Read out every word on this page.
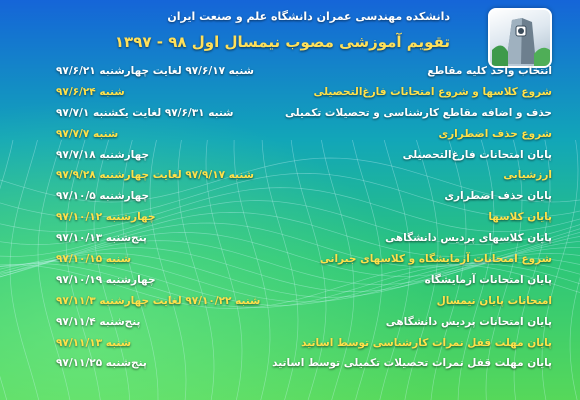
دانشکده مهندسی عمران دانشگاه علم و صنعت ایران
تقویم آموزشی مصوب نیمسال اول ۹۸ - ۱۳۹۷
انتخاب واحد کلیه مقاطع
شنبه ۹۷/۶/۱۷ لغایت چهارشنبه ۹۷/۶/۲۱
شروع کلاسها و شروع امتحانات فارغ‌التحصیلی
شنبه ۹۷/۶/۲۴
حذف و اضافه مقاطع کارشناسی و تحصیلات تکمیلی
شنبه ۹۷/۶/۳۱ لغایت یکشنبه ۹۷/۷/۱
شروع حذف اضطراری
شنبه ۹۷/۷/۷
پایان امتحانات فارغ‌التحصیلی
چهارشنبه ۹۷/۷/۱۸
ارزشیابی
شنبه ۹۷/۹/۱۷ لغایت چهارشنبه ۹۷/۹/۲۸
پایان حذف اضطراری
چهارشنبه ۹۷/۱۰/۵
پایان کلاسها
چهارشنبه ۹۷/۱۰/۱۲
پایان کلاسهای پردیس دانشگاهی
پنج‌شنبه ۹۷/۱۰/۱۳
شروع امتحانات آزمایشگاه و کلاسهای جبرانی
شنبه ۹۷/۱۰/۱۵
پایان امتحانات آزمایشگاه
چهارشنبه ۹۷/۱۰/۱۹
امتحانات پایان نیمسال
شنبه ۹۷/۱۰/۲۲ لغایت چهارشنبه ۹۷/۱۱/۳
پایان امتحانات پردیس دانشگاهی
پنج‌شنبه ۹۷/۱۱/۴
پایان مهلت قفل نمرات کارشناسی توسط اساتید
شنبه ۹۷/۱۱/۱۳
پایان مهلت قفل نمرات تحصیلات تکمیلی توسط اساتید
پنج‌شنبه ۹۷/۱۱/۲۵
